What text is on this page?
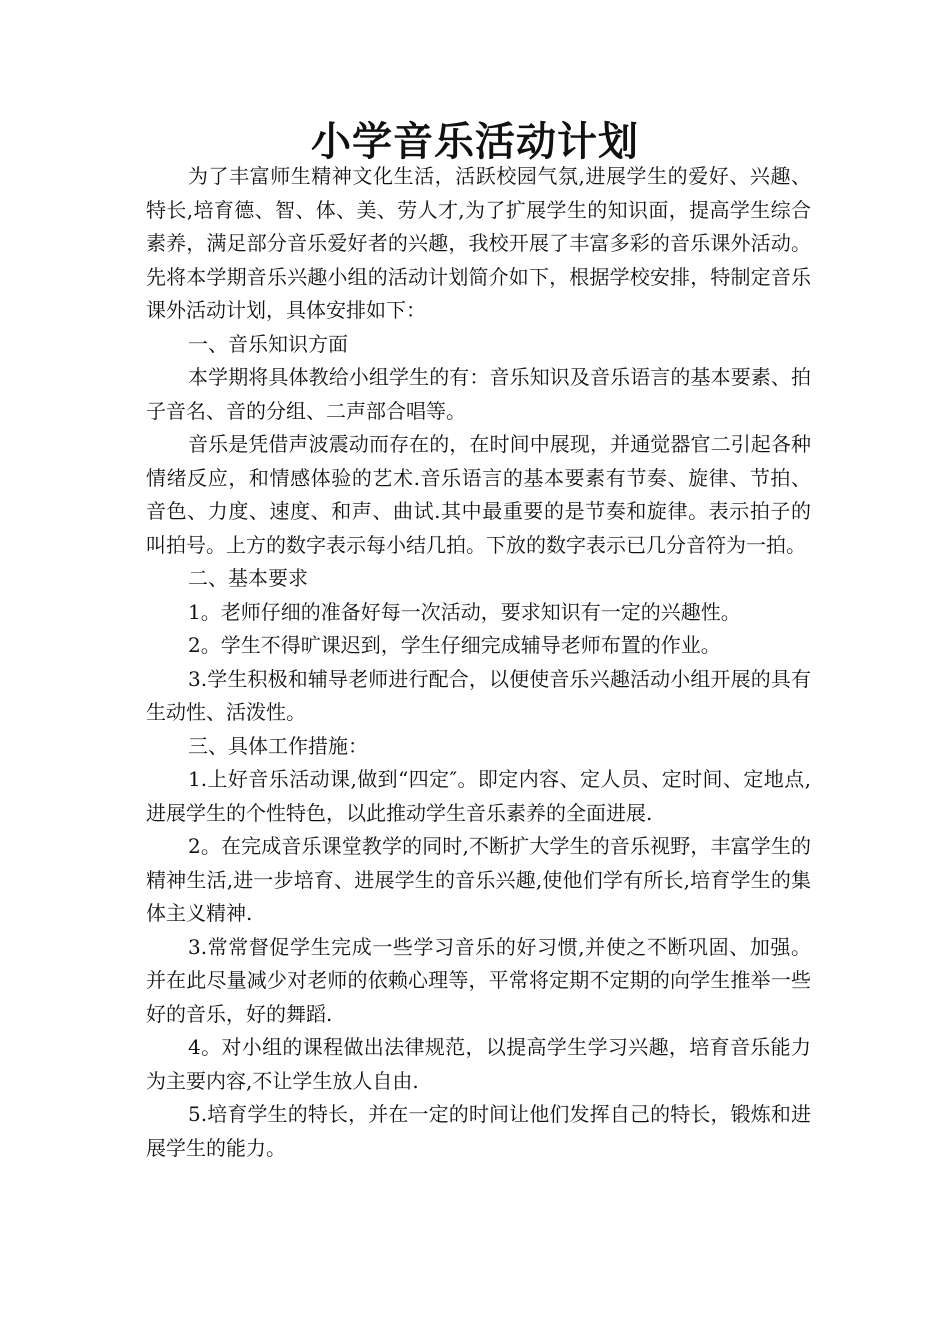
小学音乐活动计划

为了丰富师生精神文化生活，活跃校园气氛,进展学生的爱好、兴趣、特长,培育德、智、体、美、劳人才,为了扩展学生的知识面，提高学生综合素养，满足部分音乐爱好者的兴趣，我校开展了丰富多彩的音乐课外活动。先将本学期音乐兴趣小组的活动计划简介如下，根据学校安排，特制定音乐课外活动计划，具体安排如下：

一、音乐知识方面

本学期将具体教给小组学生的有：音乐知识及音乐语言的基本要素、拍子音名、音的分组、二声部合唱等。

音乐是凭借声波震动而存在的，在时间中展现，并通觉器官二引起各种情绪反应，和情感体验的艺术.音乐语言的基本要素有节奏、旋律、节拍、音色、力度、速度、和声、曲试.其中最重要的是节奏和旋律。表示拍子的叫拍号。上方的数字表示每小结几拍。下放的数字表示已几分音符为一拍。

二、基本要求

1。老师仔细的准备好每一次活动，要求知识有一定的兴趣性。

2。学生不得旷课迟到，学生仔细完成辅导老师布置的作业。

3.学生积极和辅导老师进行配合，以便使音乐兴趣活动小组开展的具有生动性、活泼性。

三、具体工作措施：

1.上好音乐活动课,做到“四定″。即定内容、定人员、定时间、定地点,进展学生的个性特色，以此推动学生音乐素养的全面进展.

2。在完成音乐课堂教学的同时,不断扩大学生的音乐视野，丰富学生的精神生活,进一步培育、进展学生的音乐兴趣,使他们学有所长,培育学生的集体主义精神.

3.常常督促学生完成一些学习音乐的好习惯,并使之不断巩固、加强。并在此尽量减少对老师的依赖心理等，平常将定期不定期的向学生推举一些好的音乐，好的舞蹈.

4。对小组的课程做出法律规范，以提高学生学习兴趣，培育音乐能力为主要内容,不让学生放人自由.

5.培育学生的特长，并在一定的时间让他们发挥自己的特长，锻炼和进展学生的能力。
